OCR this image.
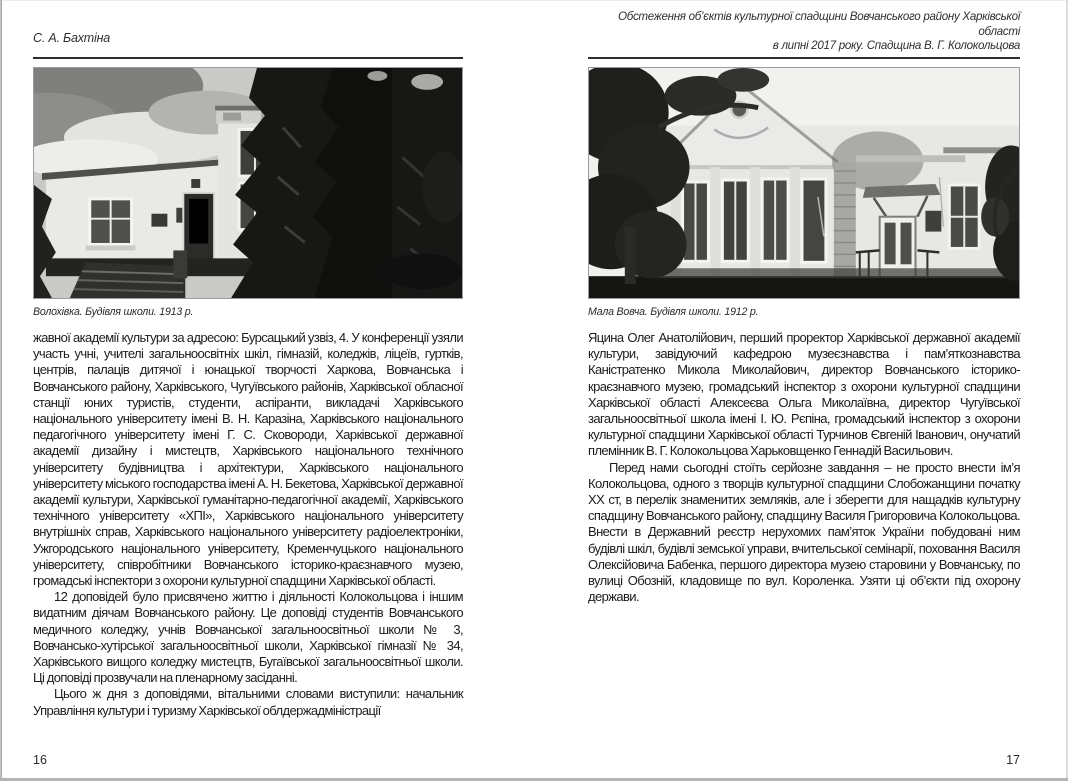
С. А. Бахтіна
Волохівка. Будівля школи. 1913 р.

жавної академії культури за адресою: Бурсацький узвіз, 4. У конференції узяли участь учні, учителі загальноосвітніх шкіл, гімназій, коледжів, ліцеїв, гуртків, центрів, палаців дитячої і юнацької творчості Харкова, Вовчанська і Вовчанського району, Харківського, Чугуївського районів, Харківської обласної станції юних туристів, студенти, аспіранти, викладачі Харківського національного університету імені В. Н. Каразіна, Харківського національного педагогічного університету імені Г. С. Сковороди, Харківської державної академії дизайну і мистецтв, Харківського національного технічного університету будівництва і архітектури, Харківського національного університету міського господарства імені А. Н. Бекетова, Харківської державної академії культури, Харківської гуманітарно-педагогічної академії, Харківського технічного університету «ХПІ», Харківського національного університету внутрішніх справ, Харківського національного університету радіоелектроніки, Ужгородського національного університету, Кременчуцького національного університету, співробітники Вовчанського історико-краєзнавчого музею, громадські інспектори з охорони культурної спадщини Харківської області.

12 доповідей було присвячено життю і діяльності Колокольцова і іншим видатним діячам Вовчанського району. Це доповіді студентів Вовчанського медичного коледжу, учнів Вовчанської загальноосвітньої школи № 3, Вовчансько-хутірської загальноосвітньої школи, Харківської гімназії № 34, Харківського вищого коледжу мистецтв, Бугаївської загальноосвітньої школи. Ці доповіді прозвучали на пленарному засіданні.

Цього ж дня з доповідями, вітальними словами виступили: начальник Управління культури і туризму Харківської облдержадміністрації

16
Обстеження об’єктів культурної спадщини Вовчанського району Харківської області
в липні 2017 року. Спадщина В. Г. Колокольцова
Мала Вовча. Будівля школи. 1912 р.

Яцина Олег Анатолійович, перший проректор Харківської державної академії культури, завідуючий кафедрою музеєзнавства і пам’яткознавства Каністратенко Микола Миколайович, директор Вовчанського історико-краєзнавчого музею, громадський інспектор з охорони культурної спадщини Харківської області Алексеєва Ольга Миколаївна, директор Чугуївської загальноосвітньої школа імені І. Ю. Рєпіна, громадський інспектор з охорони культурної спадщини Харківської області Турчинов Євгеній Іванович, онучатий племінник В. Г. Колокольцова Харьковщенко Геннадій Васильович.

Перед нами сьогодні стоїть серйозне завдання – не просто внести ім’я Колокольцова, одного з творців культурної спадщини Слобожанщини початку ХХ ст, в перелік знаменитих земляків, але і зберегти для нащадків культурну спадщину Вовчанського району, спадщину Василя Григоровича Колокольцова. Внести в Державний реєстр нерухомих пам’яток України побудовані ним будівлі шкіл, будівлі земської управи, вчительської семінарії, поховання Василя Олексійовича Бабенка, першого директора музею старовини у Вовчанську, по вулиці Обозній, кладовище по вул. Короленка. Узяти ці об’єкти під охорону держави.

17
